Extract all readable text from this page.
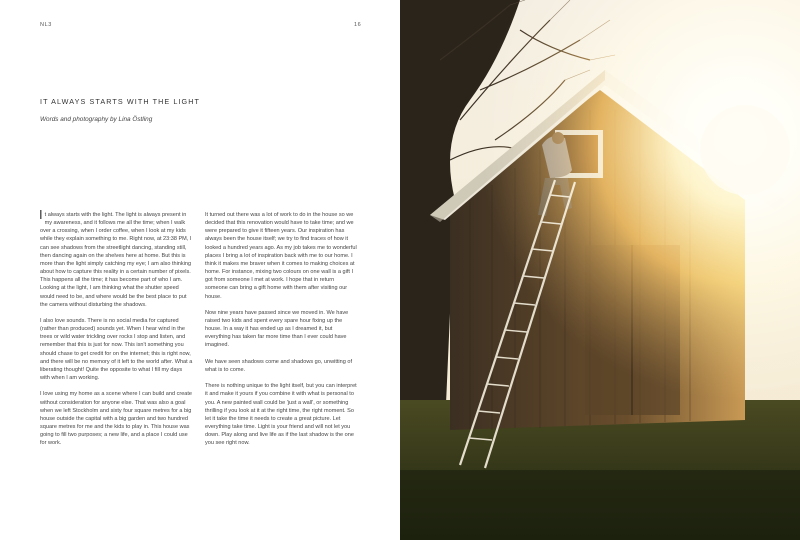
NL3	16
IT ALWAYS STARTS WITH THE LIGHT
Words and photography by Lina Östling

It always starts with the light. The light is always present in my awareness, and it follows me all the time; when I walk over a crossing, when I order coffee, when I look at my kids while they explain something to me. Right now, at 23:38 PM, I can see shadows from the streetlight dancing, standing still, then dancing again on the shelves here at home. But this is more than the light simply catching my eye; I am also thinking about how to capture this reality in a certain number of pixels. This happens all the time; it has become part of who I am. Looking at the light, I am thinking what the shutter speed would need to be, and where would be the best place to put the camera without disturbing the shadows.

I also love sounds. There is no social media for captured (rather than produced) sounds yet. When I hear wind in the trees or wild water trickling over rocks I stop and listen, and remember that this is just for now. This isn't something you should chase to get credit for on the internet; this is right now, and there will be no memory of it left to the world after. What a liberating thought! Quite the opposite to what I fill my days with when I am working.

I love using my home as a scene where I can build and create without consideration for anyone else. That was also a goal when we left Stockholm and sixty four square metres for a big house outside the capital with a big garden and two hundred square metres for me and the kids to play in. This house was going to fill two purposes; a new life, and a place I could use for work.

It turned out there was a lot of work to do in the house so we decided that this renovation would have to take time; and we were prepared to give it fifteen years. Our inspiration has always been the house itself; we try to find traces of how it looked a hundred years ago. As my job takes me to wonderful places I bring a lot of inspiration back with me to our home. I think it makes me braver when it comes to making choices at home. For instance, mixing two colours on one wall is a gift I got from someone I met at work. I hope that in return someone can bring a gift home with them after visiting our house.

Now nine years have passed since we moved in. We have raised two kids and spent every spare hour fixing up the house. In a way it has ended up as I dreamed it, but everything has taken far more time than I ever could have imagined.

We have seen shadows come and shadows go, unwitting of what is to come.

There is nothing unique to the light itself, but you can interpret it and make it yours if you combine it with what is personal to you. A new painted wall could be 'just a wall', or something thrilling if you look at it at the right time, the right moment. So let it take the time it needs to create a great picture. Let everything take time. Light is your friend and will not let you down. Play along and live life as if the last shadow is the one you see right now.
